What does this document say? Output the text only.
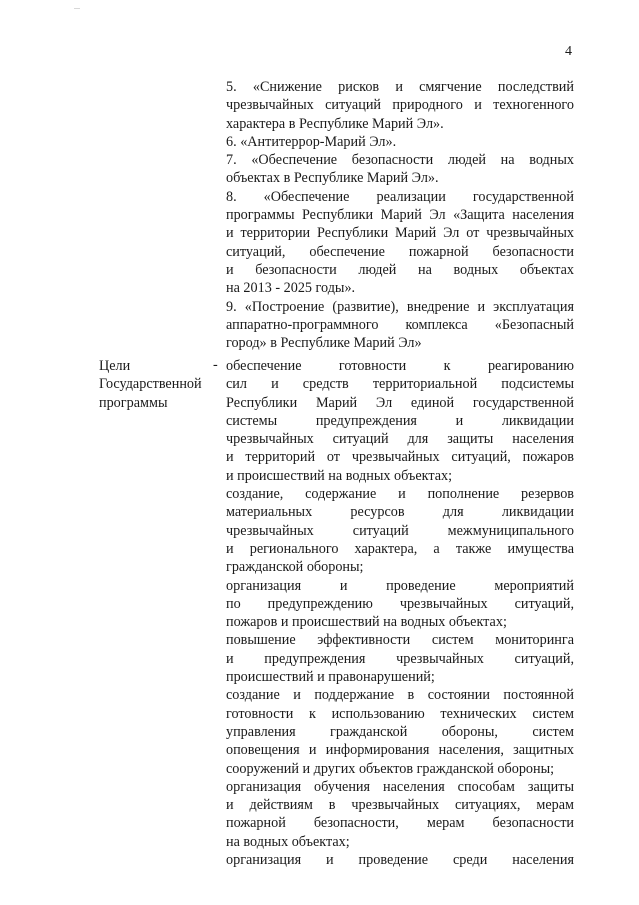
4
5. «Снижение рисков и смягчение последствий
чрезвычайных ситуаций природного и техногенного
характера в Республике Марий Эл».
6. «Антитеррор-Марий Эл».
7. «Обеспечение безопасности людей на водных
объектах в Республике Марий Эл».
8. «Обеспечение реализации государственной
программы Республики Марий Эл «Защита населения
и территории Республики Марий Эл от чрезвычайных
ситуаций, обеспечение пожарной безопасности
и безопасности людей на водных объектах
на 2013 - 2025 годы».
9. «Построение (развитие), внедрение и эксплуатация
аппаратно-программного комплекса «Безопасный
город» в Республике Марий Эл»
Цели
Государственной
программы
- обеспечение готовности к реагированию
сил и средств территориальной подсистемы
Республики Марий Эл единой государственной
системы предупреждения и ликвидации
чрезвычайных ситуаций для защиты населения
и территорий от чрезвычайных ситуаций, пожаров
и происшествий на водных объектах;
создание, содержание и пополнение резервов
материальных ресурсов для ликвидации
чрезвычайных ситуаций межмуниципального
и регионального характера, а также имущества
гражданской обороны;
организация и проведение мероприятий
по предупреждению чрезвычайных ситуаций,
пожаров и происшествий на водных объектах;
повышение эффективности систем мониторинга
и предупреждения чрезвычайных ситуаций,
происшествий и правонарушений;
создание и поддержание в состоянии постоянной
готовности к использованию технических систем
управления гражданской обороны, систем
оповещения и информирования населения, защитных
сооружений и других объектов гражданской обороны;
организация обучения населения способам защиты
и действиям в чрезвычайных ситуациях, мерам
пожарной безопасности, мерам безопасности
на водных объектах;
организация и проведение среди населения
